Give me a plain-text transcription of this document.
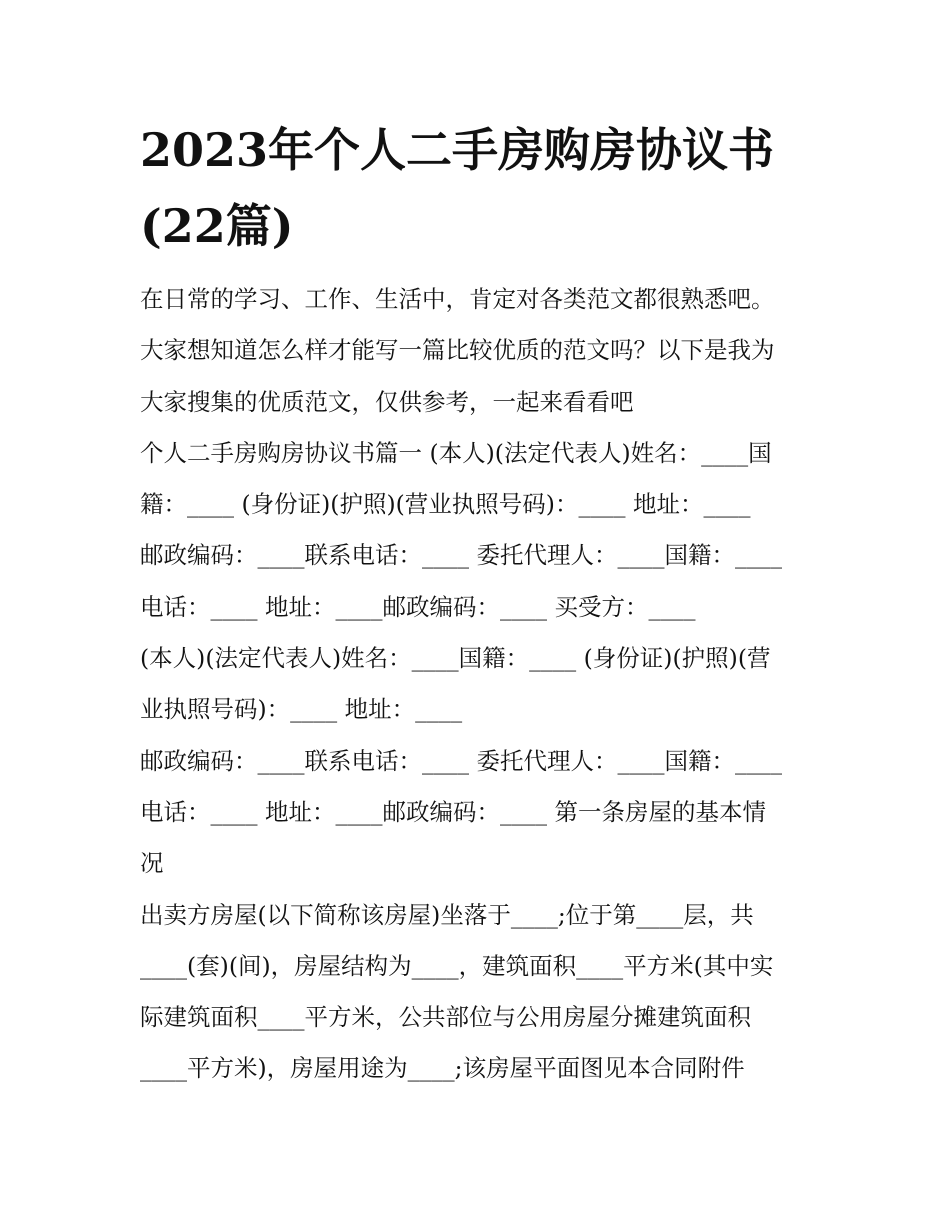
2023年个人二手房购房协议书
(22篇)
在日常的学习、工作、生活中，肯定对各类范文都很熟悉吧。
大家想知道怎么样才能写一篇比较优质的范文吗？以下是我为
大家搜集的优质范文，仅供参考，一起来看看吧
个人二手房购房协议书篇一 (本人)(法定代表人)姓名：____国
籍：____ (身份证)(护照)(营业执照号码)：____ 地址：____
邮政编码：____联系电话：____ 委托代理人：____国籍：____
电话：____ 地址：____邮政编码：____ 买受方：____
(本人)(法定代表人)姓名：____国籍：____ (身份证)(护照)(营
业执照号码)：____ 地址：____
邮政编码：____联系电话：____ 委托代理人：____国籍：____
电话：____ 地址：____邮政编码：____ 第一条房屋的基本情
况
出卖方房屋(以下简称该房屋)坐落于____;位于第____层，共
____(套)(间)，房屋结构为____，建筑面积____平方米(其中实
际建筑面积____平方米，公共部位与公用房屋分摊建筑面积
____平方米)，房屋用途为____;该房屋平面图见本合同附件
